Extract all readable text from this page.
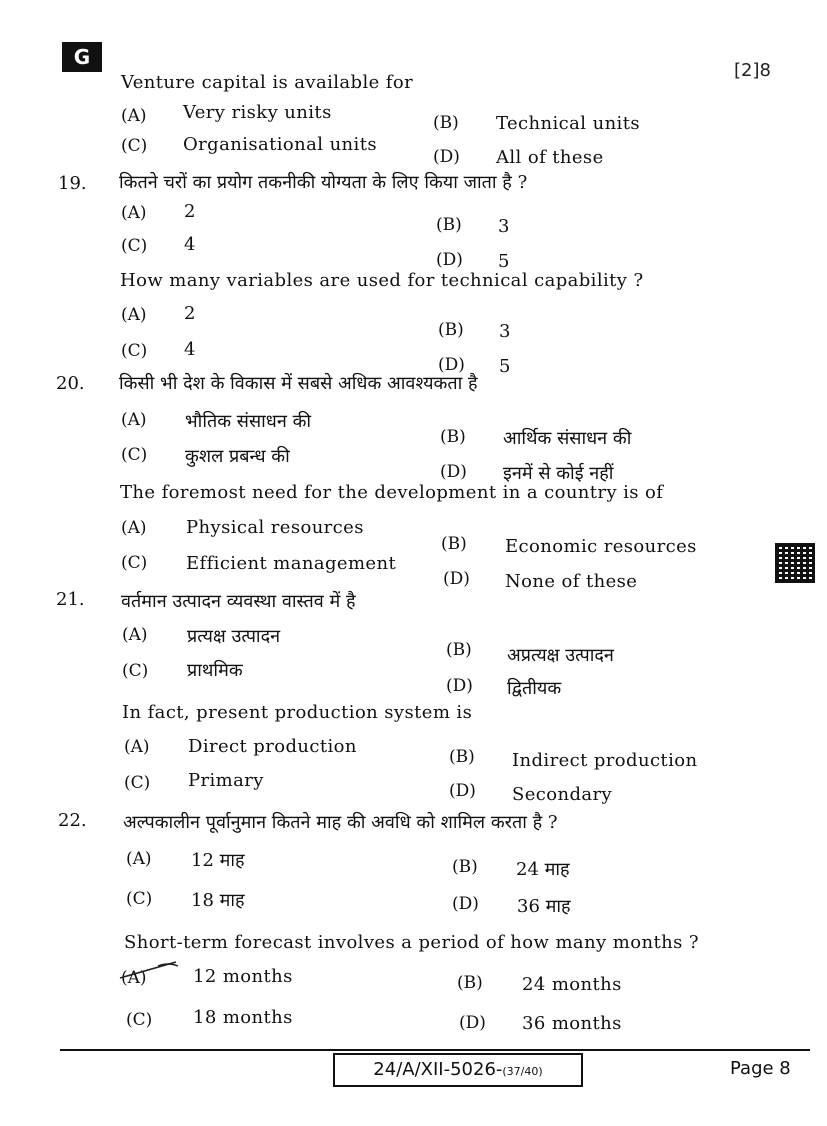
G
[2]8
Venture capital is available for
(A) Very risky units	(B) Technical units
(C) Organisational units
(D) All of these
19. कितने चरों का प्रयोग तकनीकी योग्यता के लिए किया जाता है ?
(A) 2
(B) 3
(C) 4
(D) 5
How many variables are used for technical capability ?
(A) 2
(B) 3
(C) 4
(D) 5
20. किसी भी देश के विकास में सबसे अधिक आवश्यकता है
(A) भौतिक संसाधन की
(B) आर्थिक संसाधन की
(C) कुशल प्रबन्ध की
(D) इनमें से कोई नहीं
The foremost need for the development in a country is of
(A) Physical resources
(B) Economic resources
(C) Efficient management
(D) None of these
21. वर्तमान उत्पादन व्यवस्था वास्तव में है
(A) प्रत्यक्ष उत्पादन
(B) अप्रत्यक्ष उत्पादन
(C) प्राथमिक
(D) द्वितीयक
In fact, present production system is
(A) Direct production	(B) Indirect production
(C) Primary	(D) Secondary
22. अल्पकालीन पूर्वानुमान कितने माह की अवधि को शामिल करता है ?
(A) 12 माह	(B) 24 माह
(C) 18 माह	(D) 36 माह
Short-term forecast involves a period of how many months ?
(A)	12 months	(B) 24 months
(C) 18 months	(D) 36 months
24/A/XII-5026-(37/40)	Page 8
